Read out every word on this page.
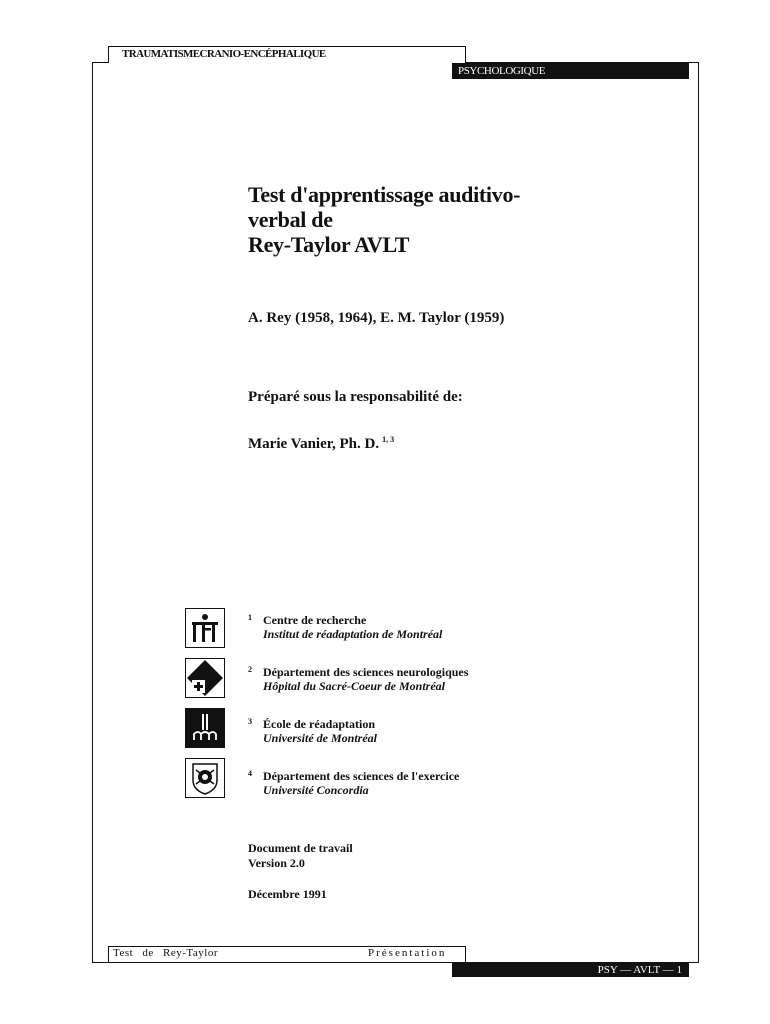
TRAUMATISMECRANIO-ENCÉPHALIQUE
PSYCHOLOGIQUE
Test d'apprentissage auditivo-
verbal de
Rey-Taylor AVLT
A. Rey (1958, 1964), E. M. Taylor (1959)
Préparé sous la responsabilité de:
Marie Vanier, Ph. D. $^{1, 3}$
1 Centre de recherche
Institut de réadaptation de Montréal
2 Département des sciences neurologiques
Hôpital du Sacré-Coeur de Montréal
3 École de réadaptation
Université de Montréal
4 Département des sciences de l'exercice
Université Concordia
Document de travail
Version 2.0
Décembre 1991
Test de Rey-Taylor	Présentation
PSY — AVLT — 1
